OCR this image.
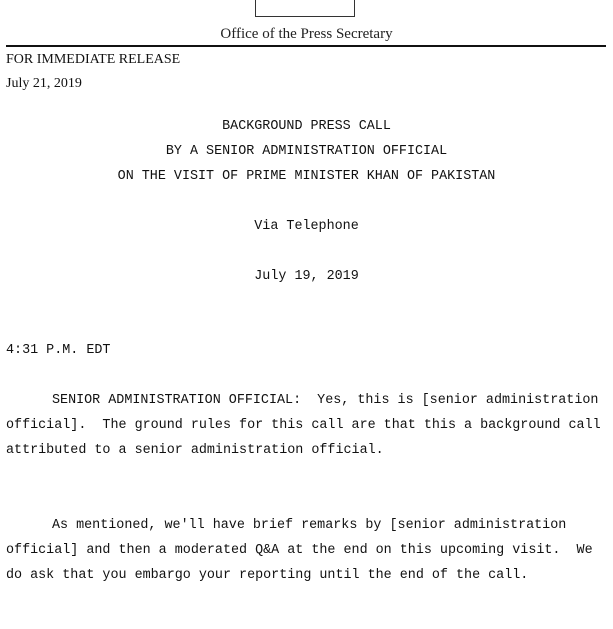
Office of the Press Secretary
FOR IMMEDIATE RELEASE
July 21, 2019
BACKGROUND PRESS CALL
BY A SENIOR ADMINISTRATION OFFICIAL
ON THE VISIT OF PRIME MINISTER KHAN OF PAKISTAN
Via Telephone
July 19, 2019
4:31 P.M. EDT

SENIOR ADMINISTRATION OFFICIAL:  Yes, this is [senior administration official].  The ground rules for this call are that this a background call attributed to a senior administration official.

As mentioned, we'll have brief remarks by [senior administration official] and then a moderated Q&A at the end on this upcoming visit.  We do ask that you embargo your reporting until the end of the call.
